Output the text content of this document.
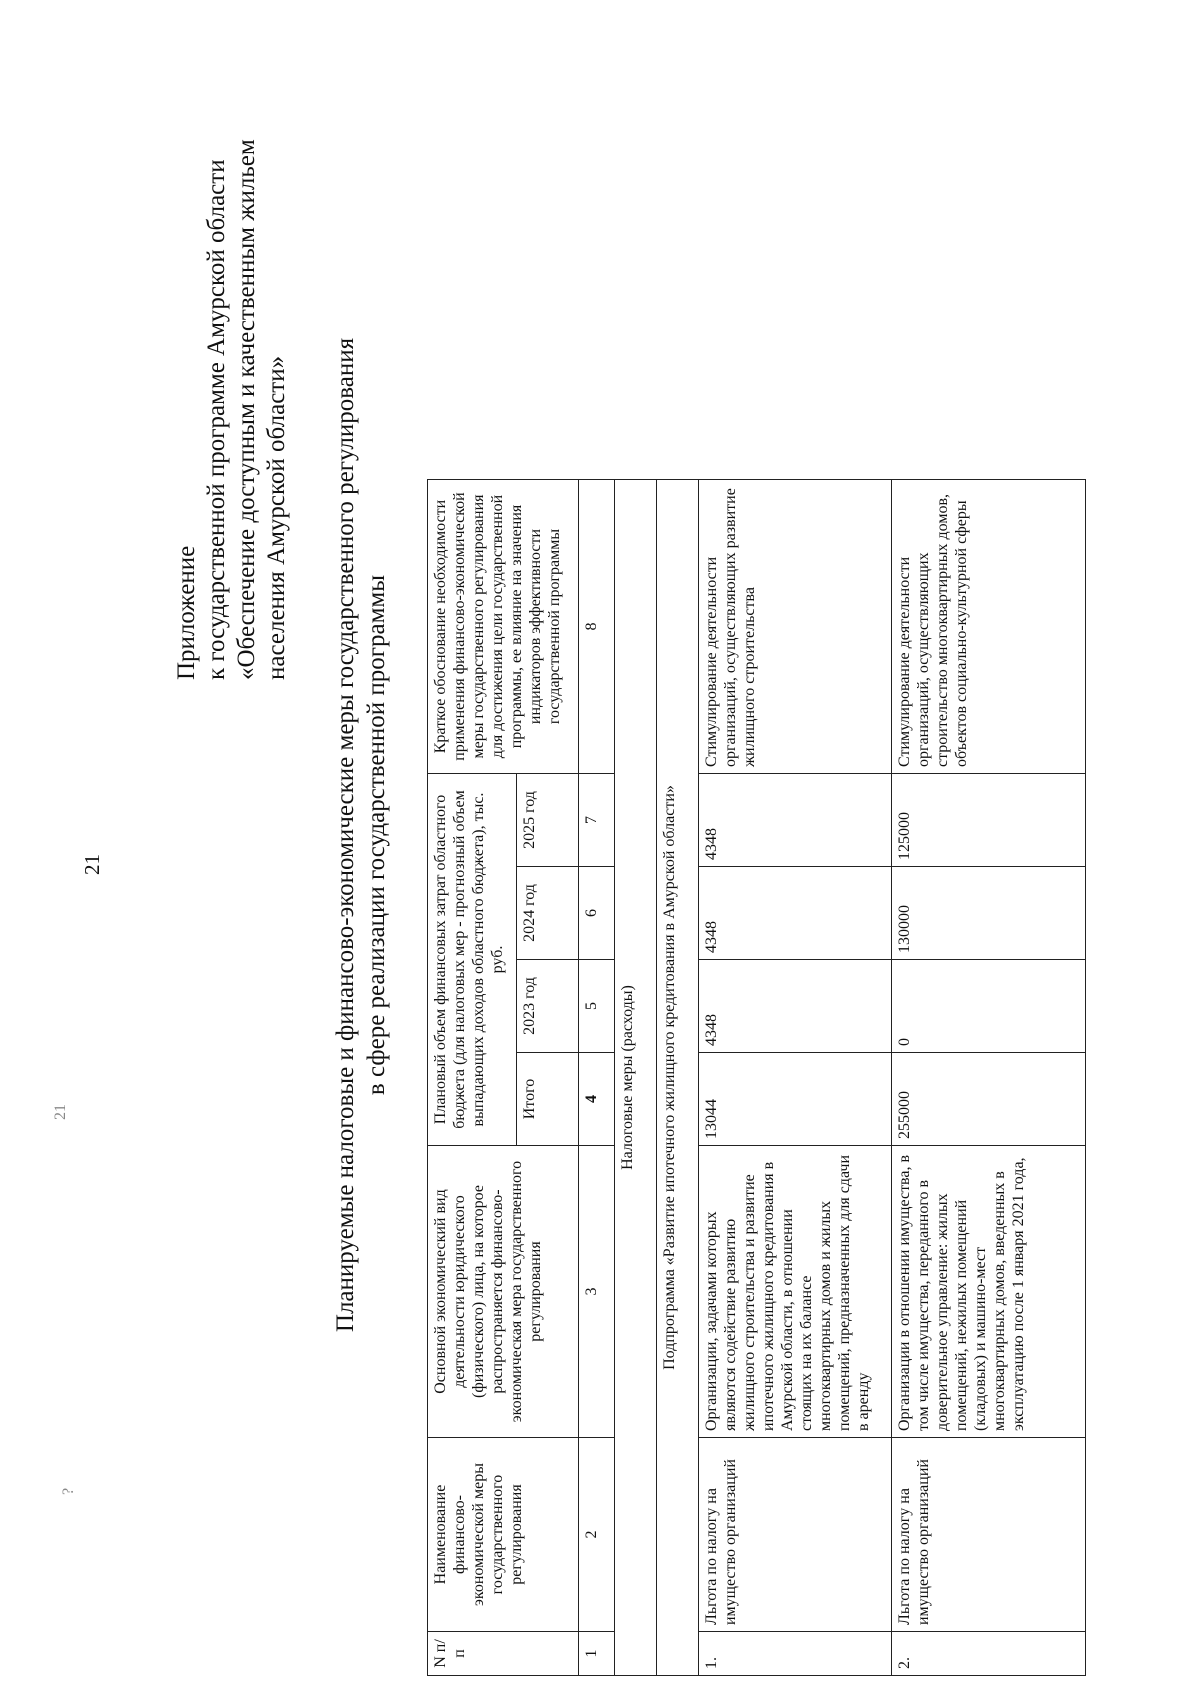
21
21
?
Приложение к государственной программе Амурской области «Обеспечение доступным и качественным жильем населения Амурской области» Планируемые налоговые и финансово-экономические меры государственного регулирования в сфере реализации государственной программы
N п/п	Наименование финансово-экономической меры государственного регулирования	Основной экономический вид деятельности юридического (физического) лица, на которое распространяется финансово-экономическая мера государственного регулирования	Плановый объем финансовых затрат областного бюджета (для налоговых мер - прогнозный объем выпадающих доходов областного бюджета), тыс. руб.				Краткое обоснование необходимости применения финансово-экономической меры государственного регулирования для достижения цели государственной программы, ее влияние на значения индикаторов эффективности государственной программы
			Итого	2023 год	2024 год	2025 год	
1	2	3	4	5	6	7	8
Налоговые меры (расходы)							
Подпрограмма «Развитие ипотечного жилищного кредитования в Амурской области»							
1.	Льгота по налогу на имущество организаций	Организации, задачами которых являются содействие развитию жилищного строительства и развитие ипотечного жилищного кредитования в Амурской области, в отношении стоящих на их балансе многоквартирных домов и жилых помещений, предназначенных для сдачи в аренду	13044	4348	4348	4348	Стимулирование деятельности организаций, осуществляющих развитие жилищного строительства
2.	Льгота по налогу на имущество организаций	Организации в отношении имущества, в том числе имущества, переданного в доверительное управление: жилых помещений, нежилых помещений (кладовых) и машино-мест многоквартирных домов, введенных в эксплуатацию после 1 января 2021 года,	255000	0	130000	125000	Стимулирование деятельности организаций, осуществляющих строительство многоквартирных домов, объектов социально-культурной сферы
